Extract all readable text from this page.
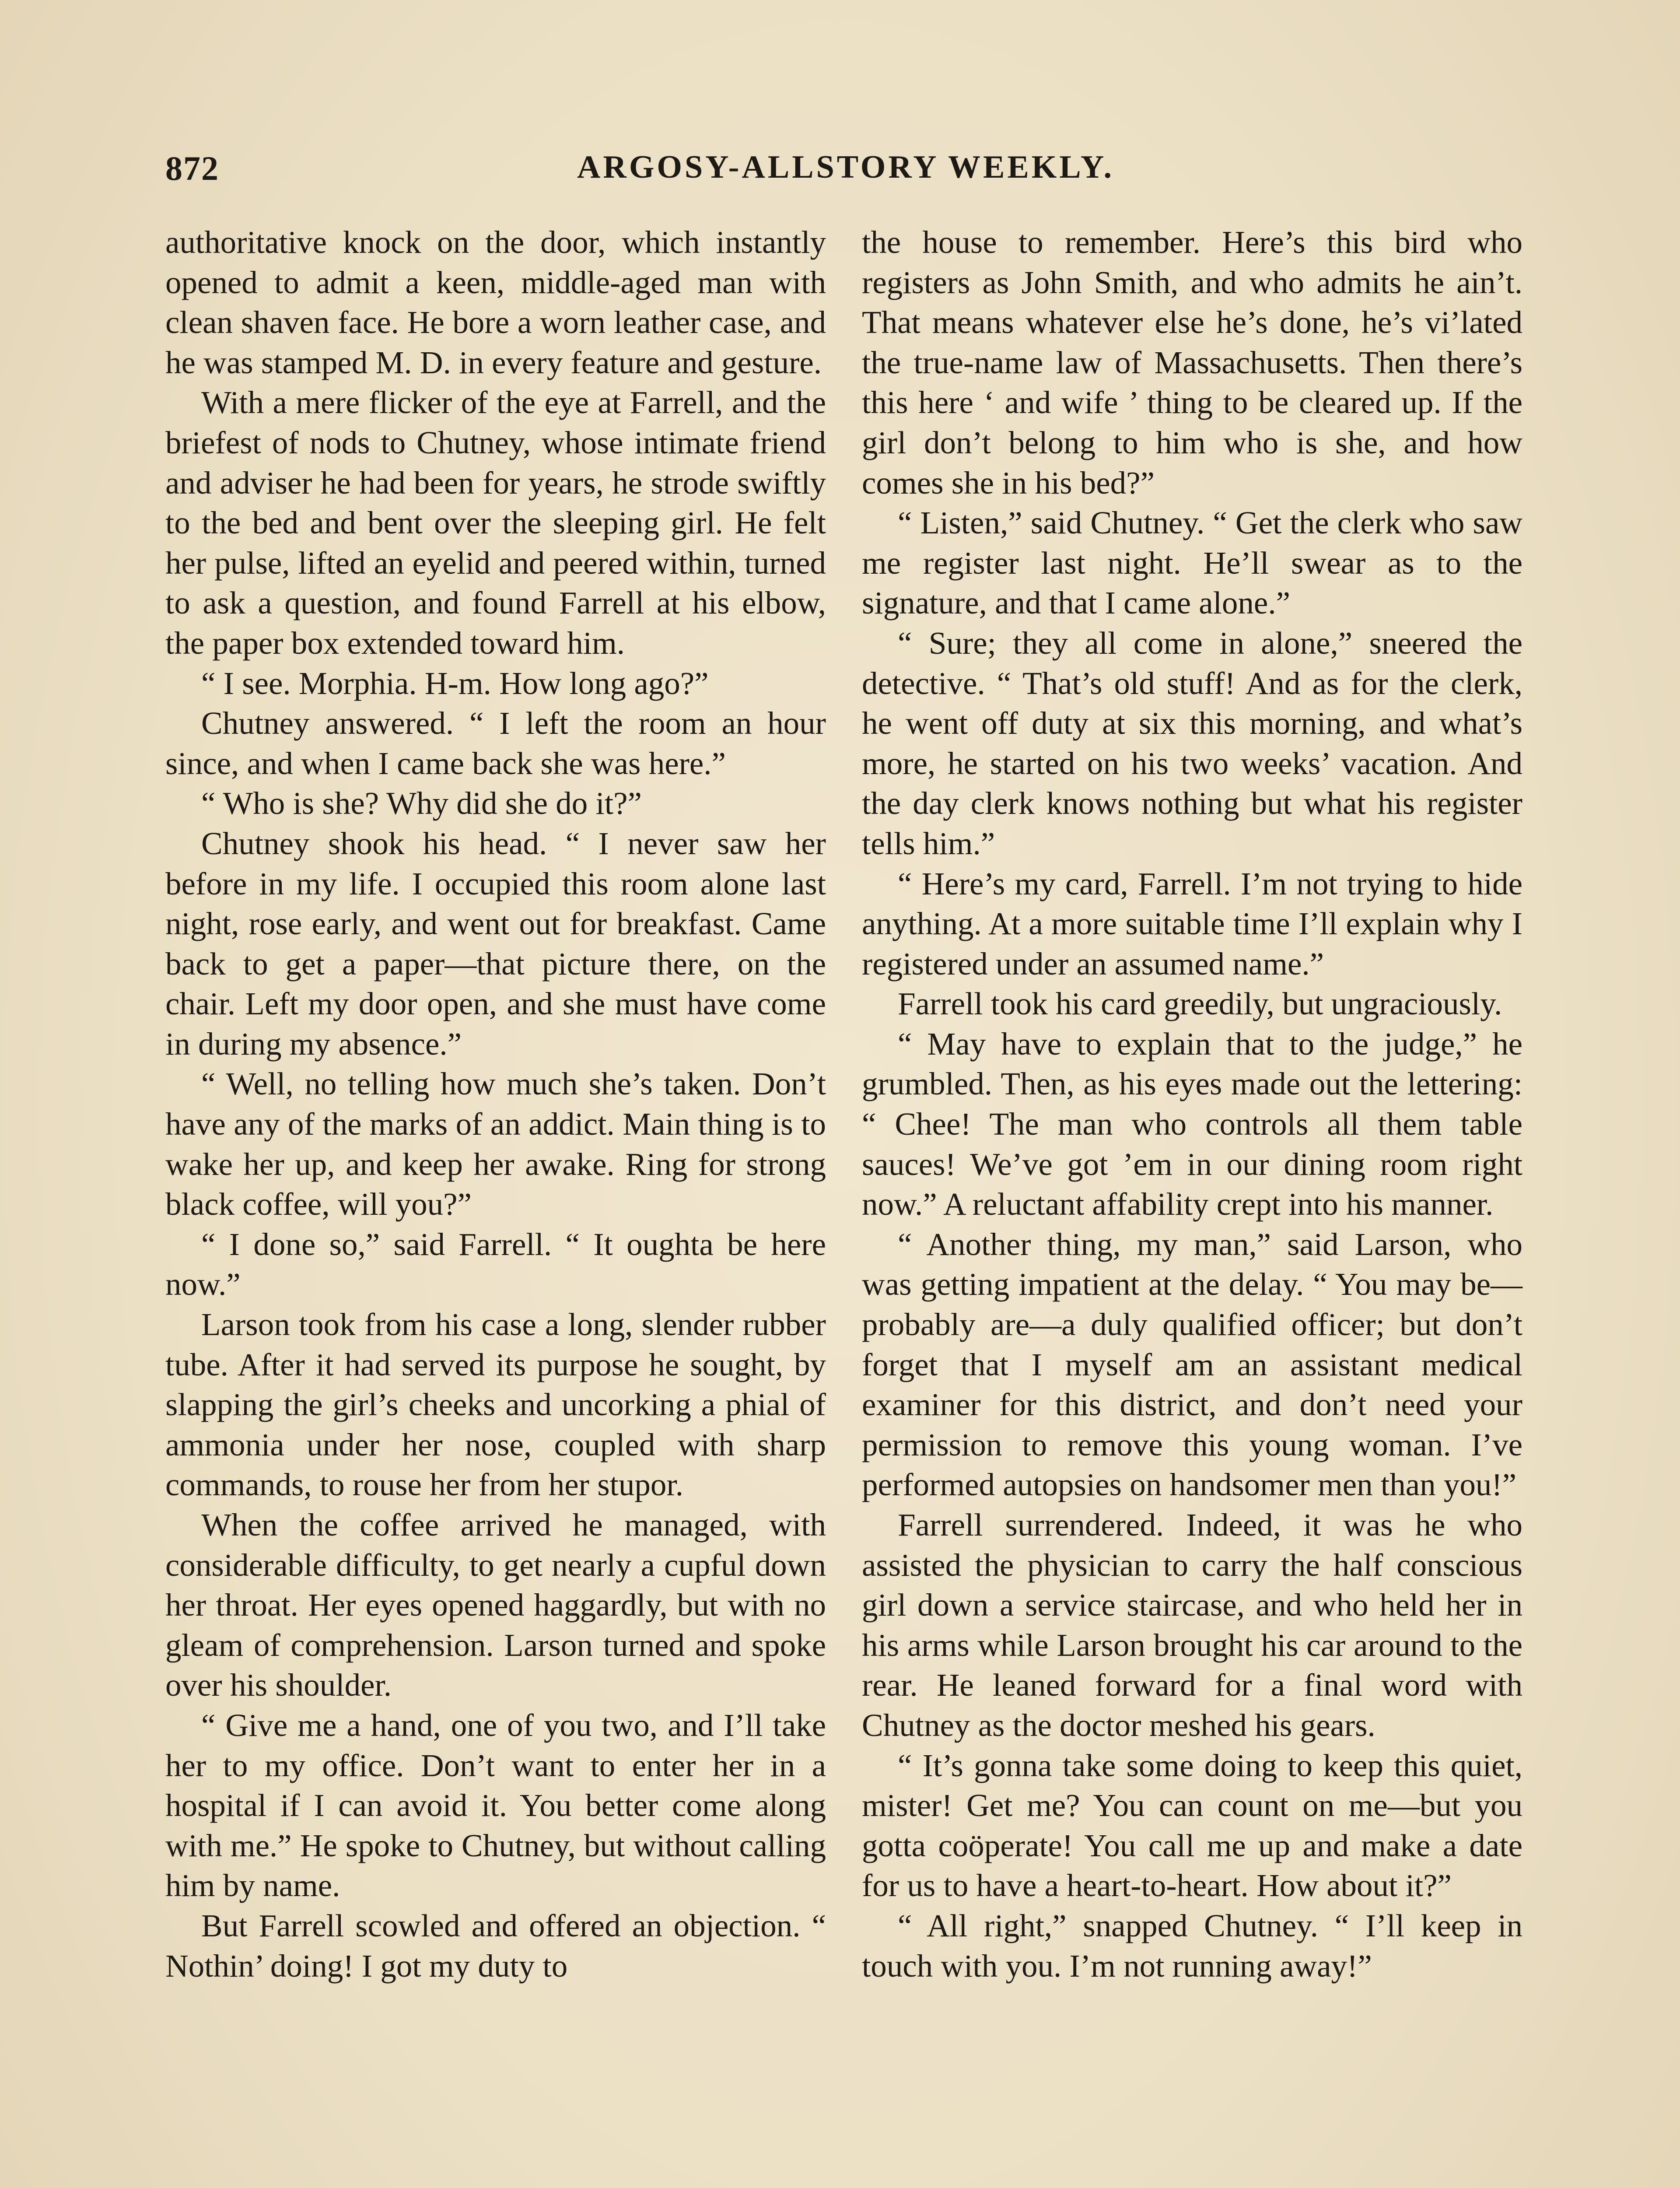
872	ARGOSY-ALLSTORY WEEKLY.

authoritative knock on the door, which instantly opened to admit a keen, middle-aged man with clean shaven face. He bore a worn leather case, and he was stamped M. D. in every feature and gesture.

With a mere flicker of the eye at Farrell, and the briefest of nods to Chutney, whose intimate friend and adviser he had been for years, he strode swiftly to the bed and bent over the sleeping girl. He felt her pulse, lifted an eyelid and peered within, turned to ask a question, and found Farrell at his elbow, the paper box extended toward him.

“ I see. Morphia. H-m. How long ago?”

Chutney answered. “ I left the room an hour since, and when I came back she was here.”

“ Who is she? Why did she do it?”

Chutney shook his head. “ I never saw her before in my life. I occupied this room alone last night, rose early, and went out for breakfast. Came back to get a paper—that picture there, on the chair. Left my door open, and she must have come in during my absence.”

“ Well, no telling how much she’s taken. Don’t have any of the marks of an addict. Main thing is to wake her up, and keep her awake. Ring for strong black coffee, will you?”

“ I done so,” said Farrell. “ It oughta be here now.”

Larson took from his case a long, slender rubber tube. After it had served its purpose he sought, by slapping the girl’s cheeks and uncorking a phial of ammonia under her nose, coupled with sharp commands, to rouse her from her stupor.

When the coffee arrived he managed, with considerable difficulty, to get nearly a cupful down her throat. Her eyes opened haggardly, but with no gleam of comprehension. Larson turned and spoke over his shoulder.

“ Give me a hand, one of you two, and I’ll take her to my office. Don’t want to enter her in a hospital if I can avoid it. You better come along with me.” He spoke to Chutney, but without calling him by name.

But Farrell scowled and offered an objection. “ Nothin’ doing! I got my duty to

the house to remember. Here’s this bird who registers as John Smith, and who admits he ain’t. That means whatever else he’s done, he’s vi’lated the true-name law of Massachusetts. Then there’s this here ‘ and wife ’ thing to be cleared up. If the girl don’t belong to him who is she, and how comes she in his bed?”

“ Listen,” said Chutney. “ Get the clerk who saw me register last night. He’ll swear as to the signature, and that I came alone.”

“ Sure; they all come in alone,” sneered the detective. “ That’s old stuff! And as for the clerk, he went off duty at six this morning, and what’s more, he started on his two weeks’ vacation. And the day clerk knows nothing but what his register tells him.”

“ Here’s my card, Farrell. I’m not trying to hide anything. At a more suitable time I’ll explain why I registered under an assumed name.”

Farrell took his card greedily, but ungraciously.

“ May have to explain that to the judge,” he grumbled. Then, as his eyes made out the lettering: “ Chee! The man who controls all them table sauces! We’ve got ’em in our dining room right now.” A reluctant affability crept into his manner.

“ Another thing, my man,” said Larson, who was getting impatient at the delay. “ You may be—probably are—a duly qualified officer; but don’t forget that I myself am an assistant medical examiner for this district, and don’t need your permission to remove this young woman. I’ve performed autopsies on handsomer men than you!”

Farrell surrendered. Indeed, it was he who assisted the physician to carry the half conscious girl down a service staircase, and who held her in his arms while Larson brought his car around to the rear. He leaned forward for a final word with Chutney as the doctor meshed his gears.

“ It’s gonna take some doing to keep this quiet, mister! Get me? You can count on me—but you gotta coöperate! You call me up and make a date for us to have a heart-to-heart. How about it?”

“ All right,” snapped Chutney. “ I’ll keep in touch with you. I’m not running away!”
